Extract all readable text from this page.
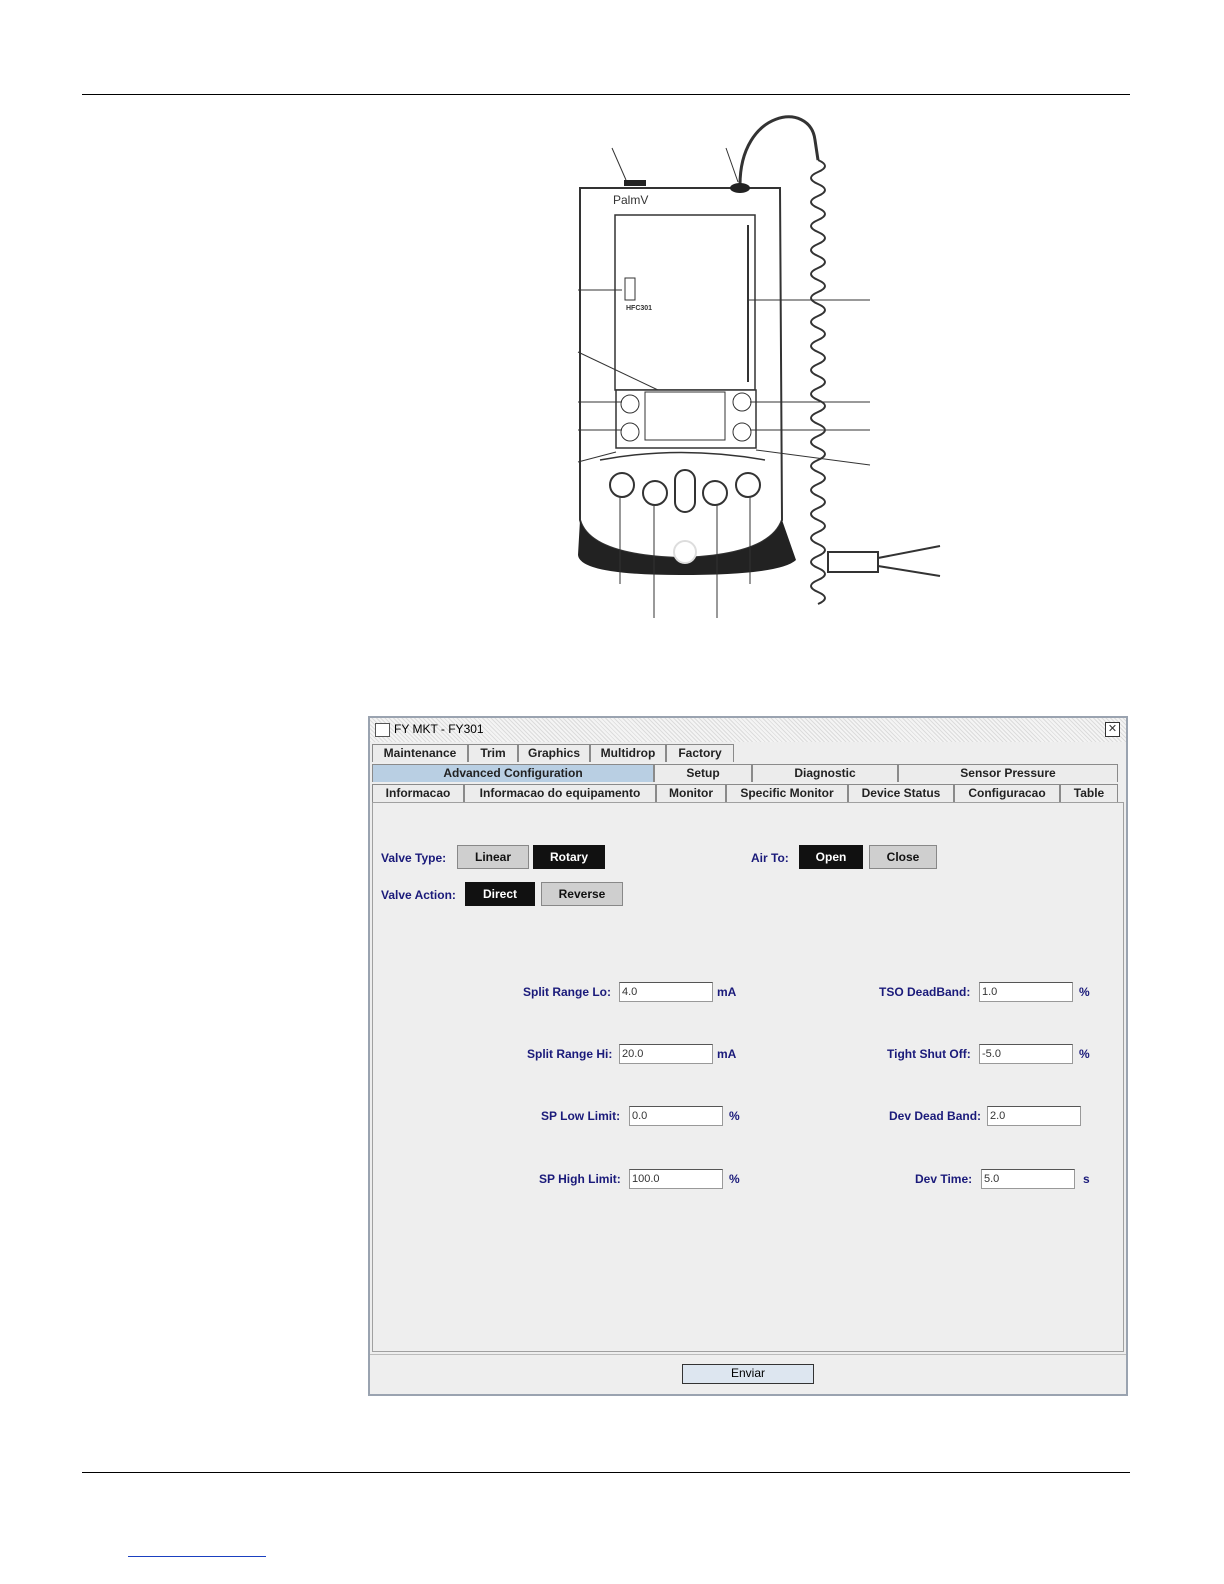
PalmV
HFC301
FY MKT - FY301	✕
Maintenance	Trim	Graphics	Multidrop	Factory
Advanced Configuration	Setup	Diagnostic	Sensor Pressure
Informacao	Informacao do equipamento	Monitor	Specific Monitor	Device Status	Configuracao	Table
Valve Type:	Linear	Rotary	Air To:	Open	Close
Valve Action:	Direct	Reverse
Split Range Lo:
4.0	mA
Split Range Hi:
20.0	mA
SP Low Limit:
0.0	%
SP High Limit:
100.0	%
TSO DeadBand:
1.0	%
Tight Shut Off:
-5.0	%
Dev Dead Band:
2.0
Dev Time:
5.0	s
Enviar
